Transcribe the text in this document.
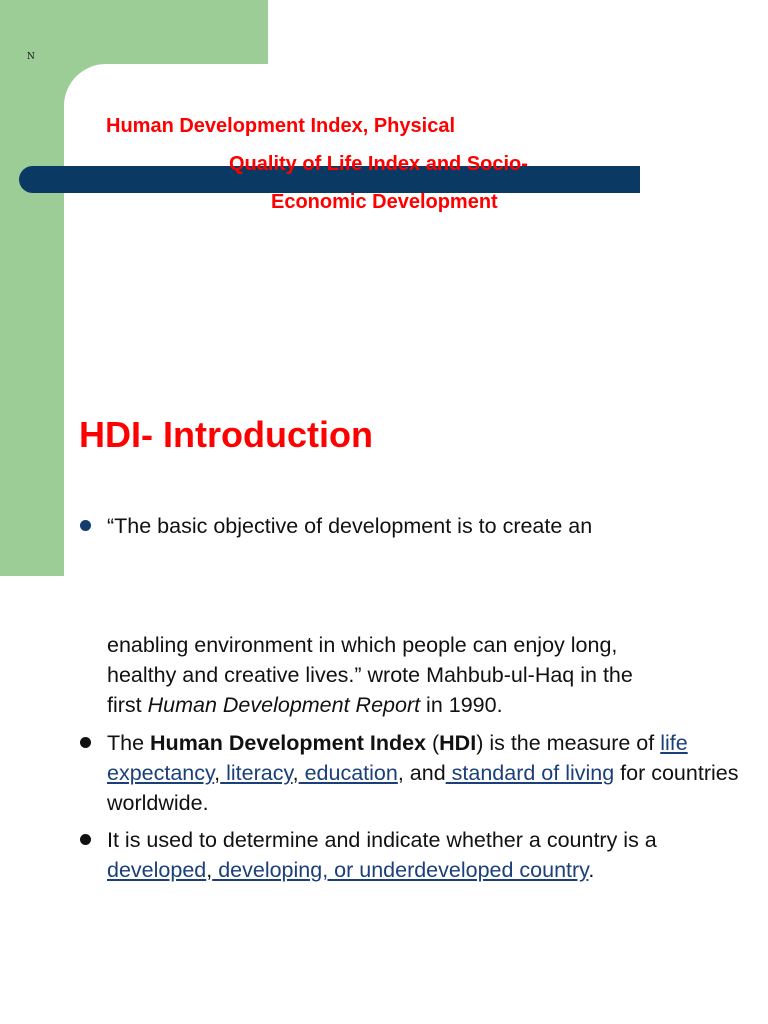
N
Human Development Index, Physical
Quality of Life Index and Socio-
Economic Development
HDI- Introduction

“The basic objective of development is to create an

enabling environment in which people can enjoy long,
healthy and creative lives.” wrote Mahbub-ul-Haq in the
first Human Development Report in 1990.

The Human Development Index (HDI) is the measure of life expectancy, literacy, education, and standard of living for countries worldwide.

It is used to determine and indicate whether a country is a developed, developing, or underdeveloped country.
